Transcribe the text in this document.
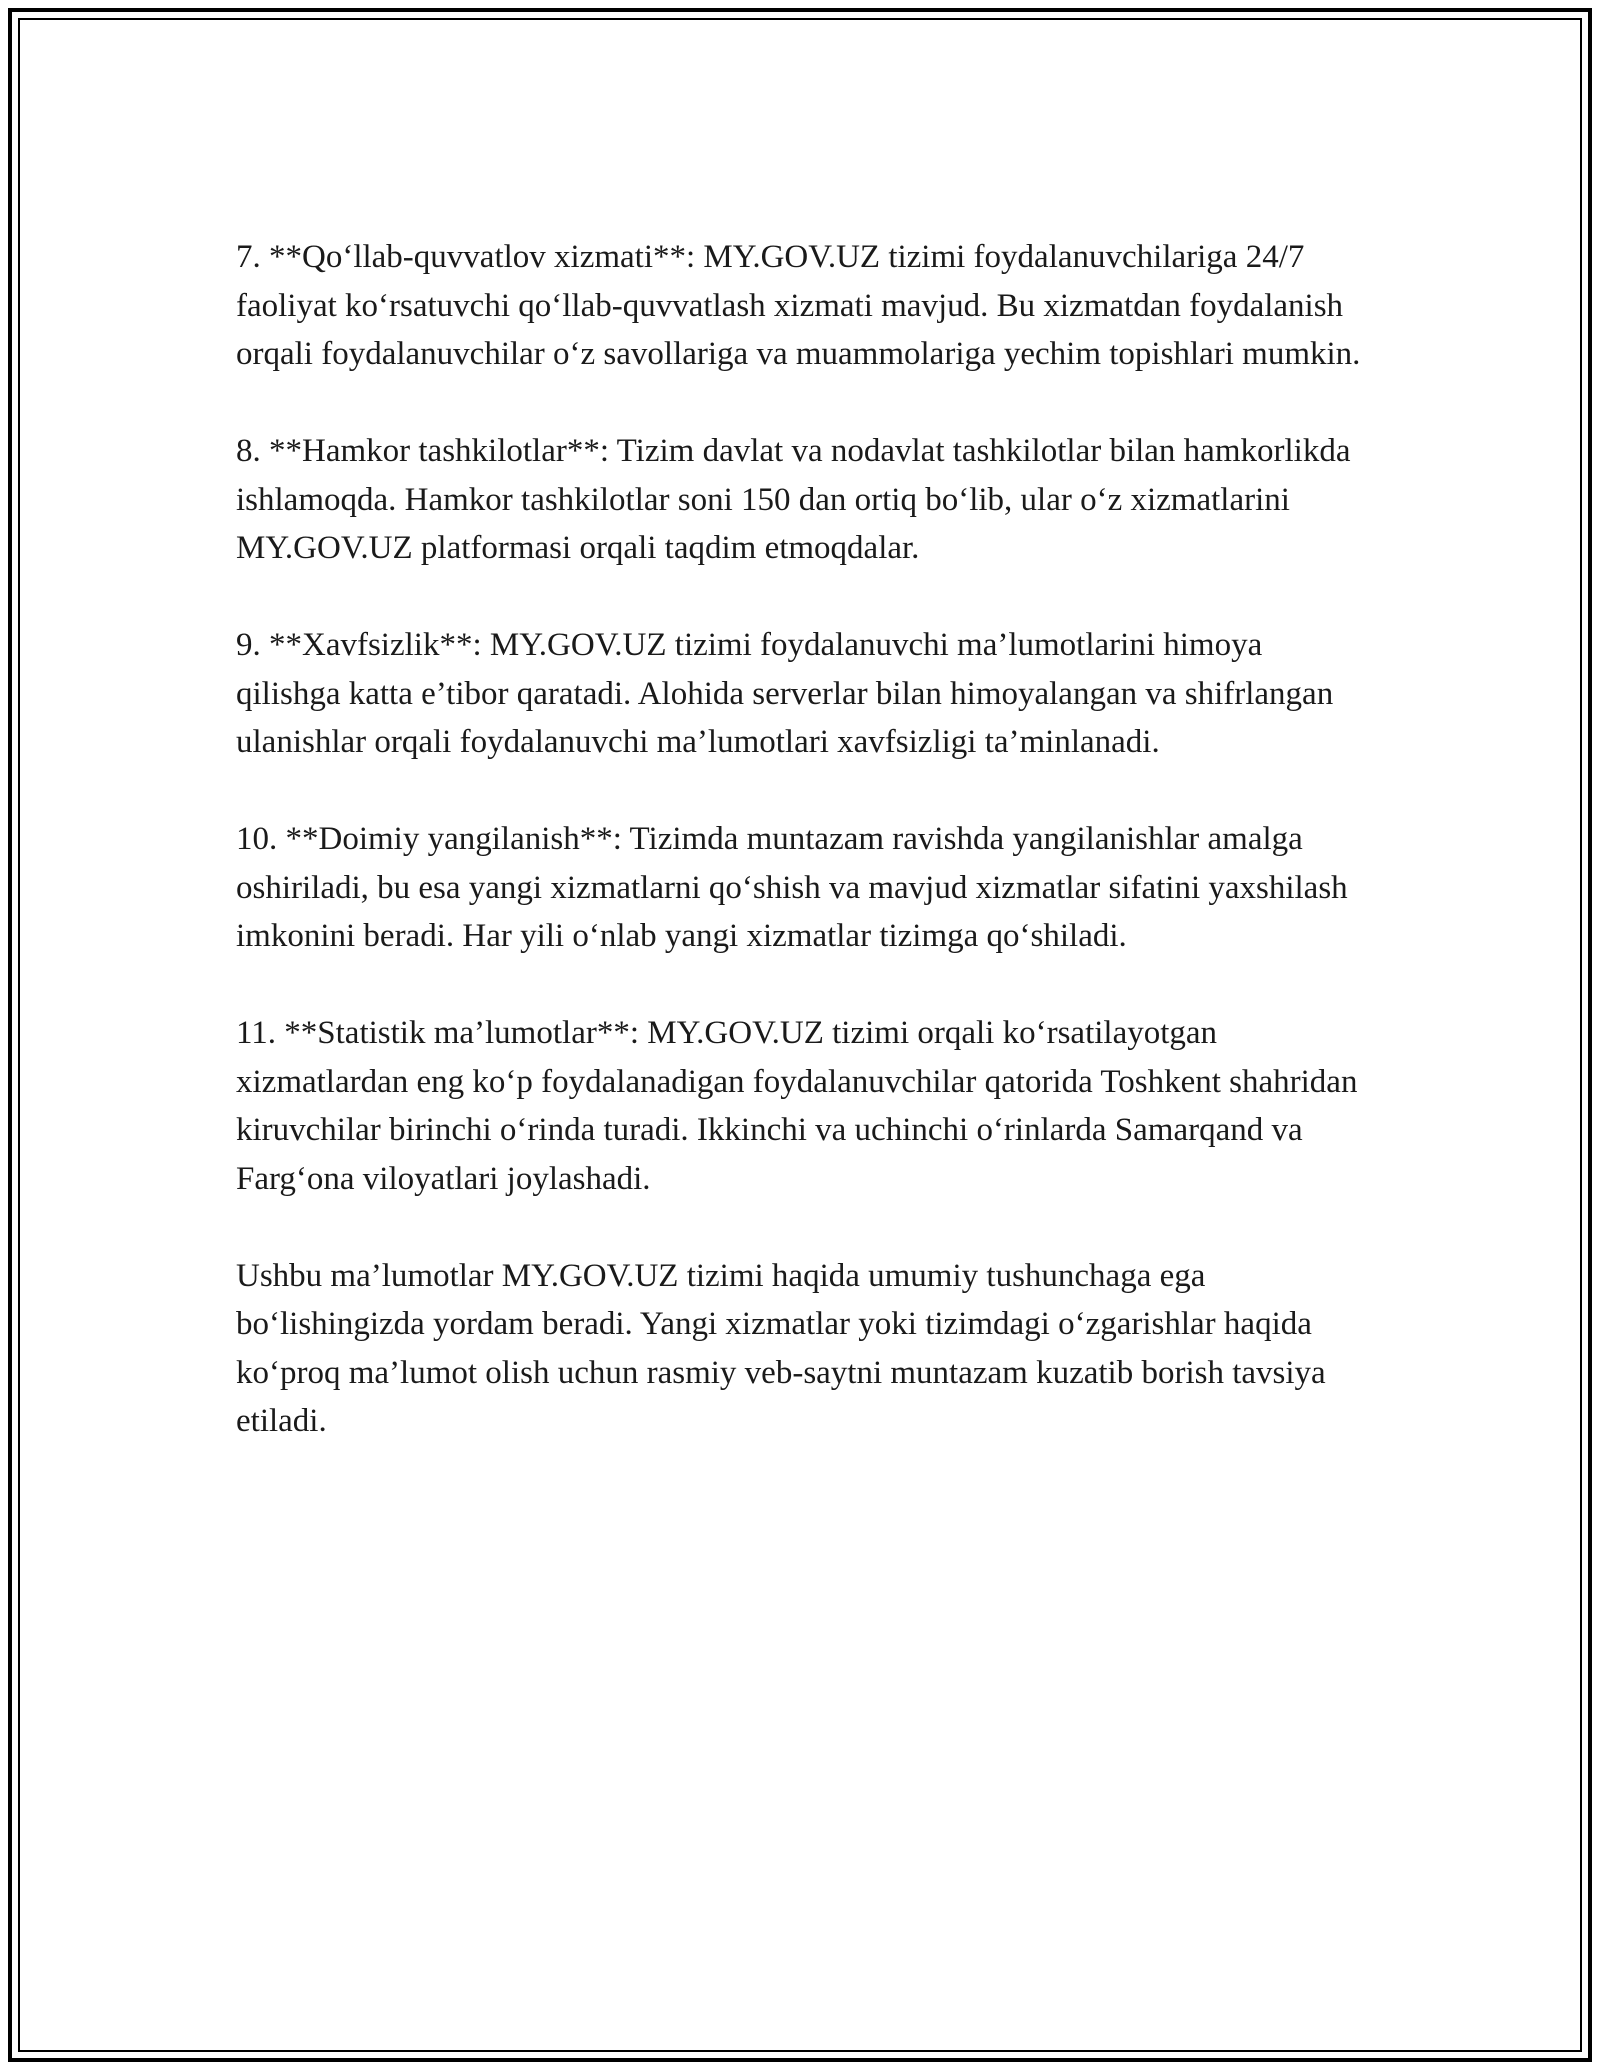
7. **Qo‘llab-quvvatlov xizmati**: MY.GOV.UZ tizimi foydalanuvchilariga 24/7 faoliyat ko‘rsatuvchi qo‘llab-quvvatlash xizmati mavjud. Bu xizmatdan foydalanish orqali foydalanuvchilar o‘z savollariga va muammolariga yechim topishlari mumkin.

8. **Hamkor tashkilotlar**: Tizim davlat va nodavlat tashkilotlar bilan hamkorlikda ishlamoqda. Hamkor tashkilotlar soni 150 dan ortiq bo‘lib, ular o‘z xizmatlarini MY.GOV.UZ platformasi orqali taqdim etmoqdalar.

9. **Xavfsizlik**: MY.GOV.UZ tizimi foydalanuvchi ma’lumotlarini himoya qilishga katta e’tibor qaratadi. Alohida serverlar bilan himoyalangan va shifrlangan ulanishlar orqali foydalanuvchi ma’lumotlari xavfsizligi ta’minlanadi.

10. **Doimiy yangilanish**: Tizimda muntazam ravishda yangilanishlar amalga oshiriladi, bu esa yangi xizmatlarni qo‘shish va mavjud xizmatlar sifatini yaxshilash imkonini beradi. Har yili o‘nlab yangi xizmatlar tizimga qo‘shiladi.

11. **Statistik ma’lumotlar**: MY.GOV.UZ tizimi orqali ko‘rsatilayotgan xizmatlardan eng ko‘p foydalanadigan foydalanuvchilar qatorida Toshkent shahridan kiruvchilar birinchi o‘rinda turadi. Ikkinchi va uchinchi o‘rinlarda Samarqand va Farg‘ona viloyatlari joylashadi.

Ushbu ma’lumotlar MY.GOV.UZ tizimi haqida umumiy tushunchaga ega bo‘lishingizda yordam beradi. Yangi xizmatlar yoki tizimdagi o‘zgarishlar haqida ko‘proq ma’lumot olish uchun rasmiy veb-saytni muntazam kuzatib borish tavsiya etiladi.
